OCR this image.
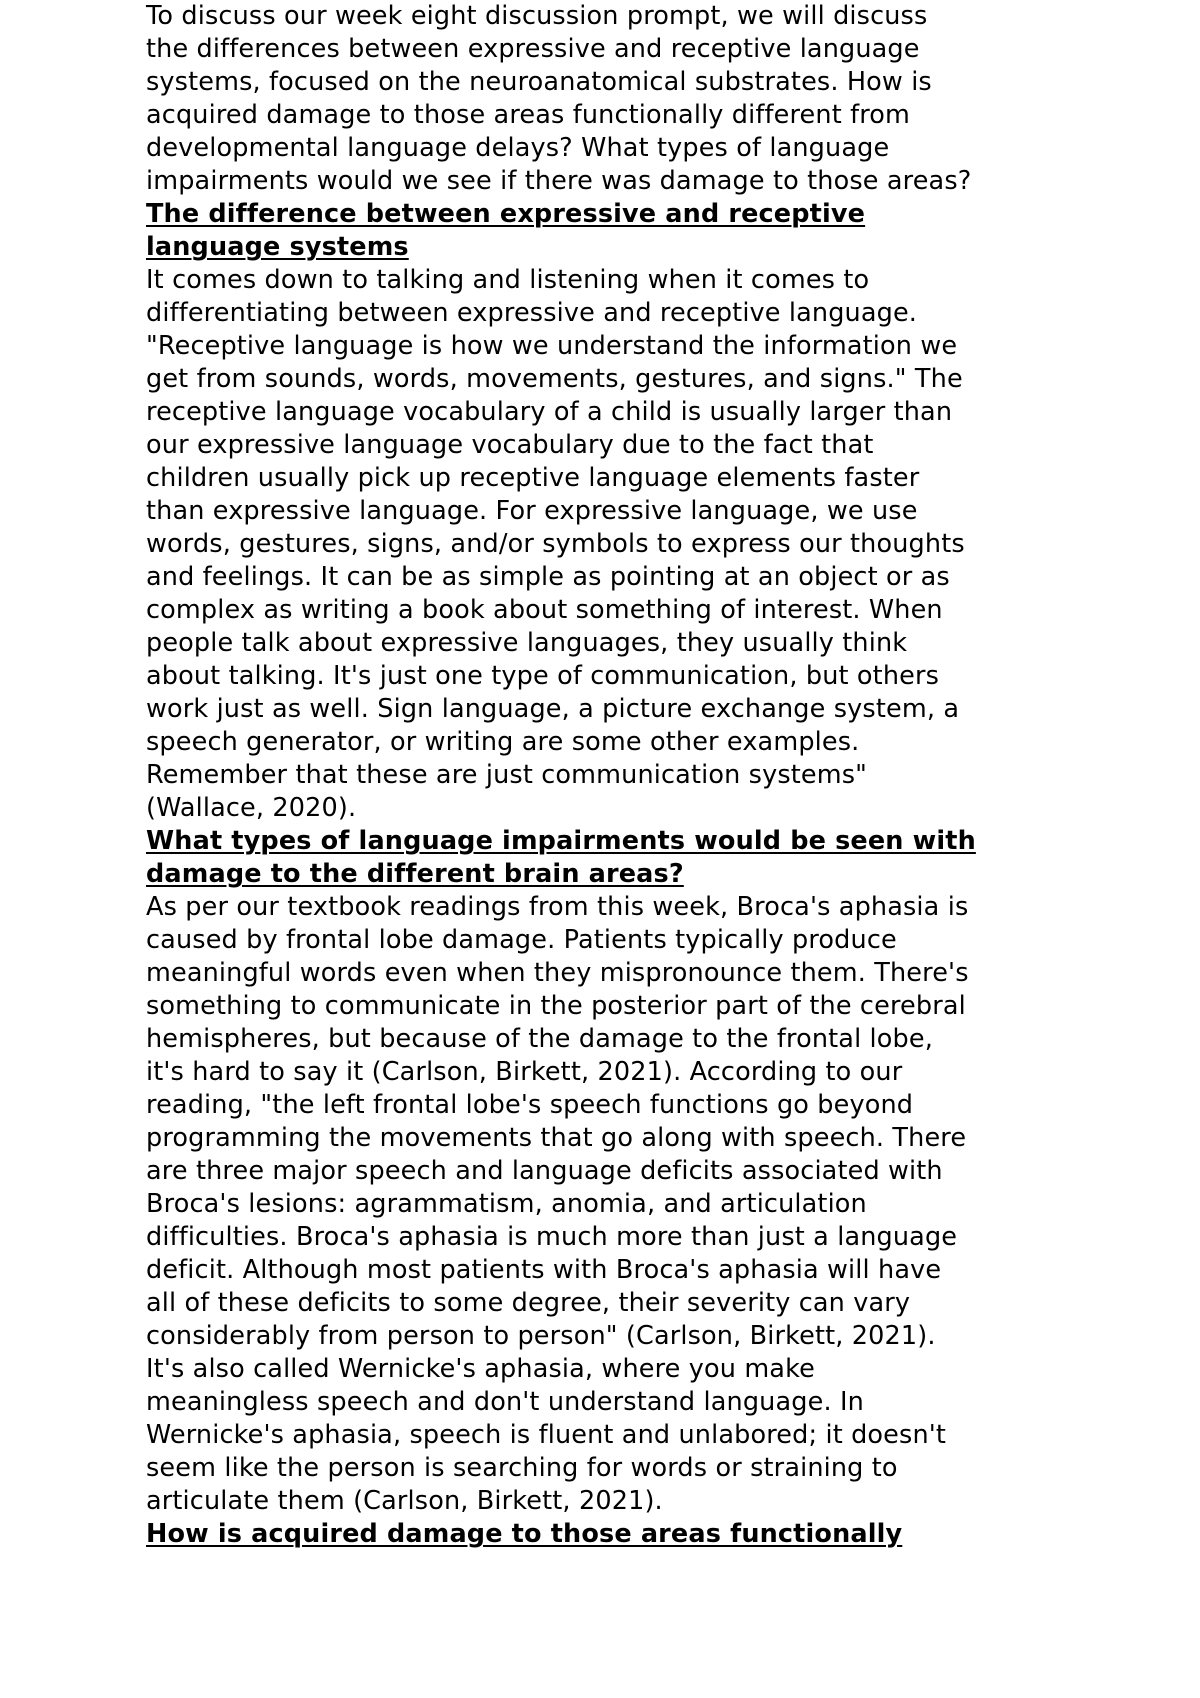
To discuss our week eight discussion prompt, we will discuss
the differences between expressive and receptive language
systems, focused on the neuroanatomical substrates. How is
acquired damage to those areas functionally different from
developmental language delays? What types of language
impairments would we see if there was damage to those areas?

The difference between expressive and receptive
language systems

It comes down to talking and listening when it comes to
differentiating between expressive and receptive language.
"Receptive language is how we understand the information we
get from sounds, words, movements, gestures, and signs." The
receptive language vocabulary of a child is usually larger than
our expressive language vocabulary due to the fact that
children usually pick up receptive language elements faster
than expressive language. For expressive language, we use
words, gestures, signs, and/or symbols to express our thoughts
and feelings. It can be as simple as pointing at an object or as
complex as writing a book about something of interest. When
people talk about expressive languages, they usually think
about talking. It's just one type of communication, but others
work just as well. Sign language, a picture exchange system, a
speech generator, or writing are some other examples.
Remember that these are just communication systems"
(Wallace, 2020).

What types of language impairments would be seen with
damage to the different brain areas?

As per our textbook readings from this week, Broca's aphasia is
caused by frontal lobe damage. Patients typically produce
meaningful words even when they mispronounce them. There's
something to communicate in the posterior part of the cerebral
hemispheres, but because of the damage to the frontal lobe,
it's hard to say it (Carlson, Birkett, 2021). According to our
reading, "the left frontal lobe's speech functions go beyond
programming the movements that go along with speech. There
are three major speech and language deficits associated with
Broca's lesions: agrammatism, anomia, and articulation
difficulties. Broca's aphasia is much more than just a language
deficit. Although most patients with Broca's aphasia will have
all of these deficits to some degree, their severity can vary
considerably from person to person" (Carlson, Birkett, 2021).
It's also called Wernicke's aphasia, where you make
meaningless speech and don't understand language. In
Wernicke's aphasia, speech is fluent and unlabored; it doesn't
seem like the person is searching for words or straining to
articulate them (Carlson, Birkett, 2021).

How is acquired damage to those areas functionally
